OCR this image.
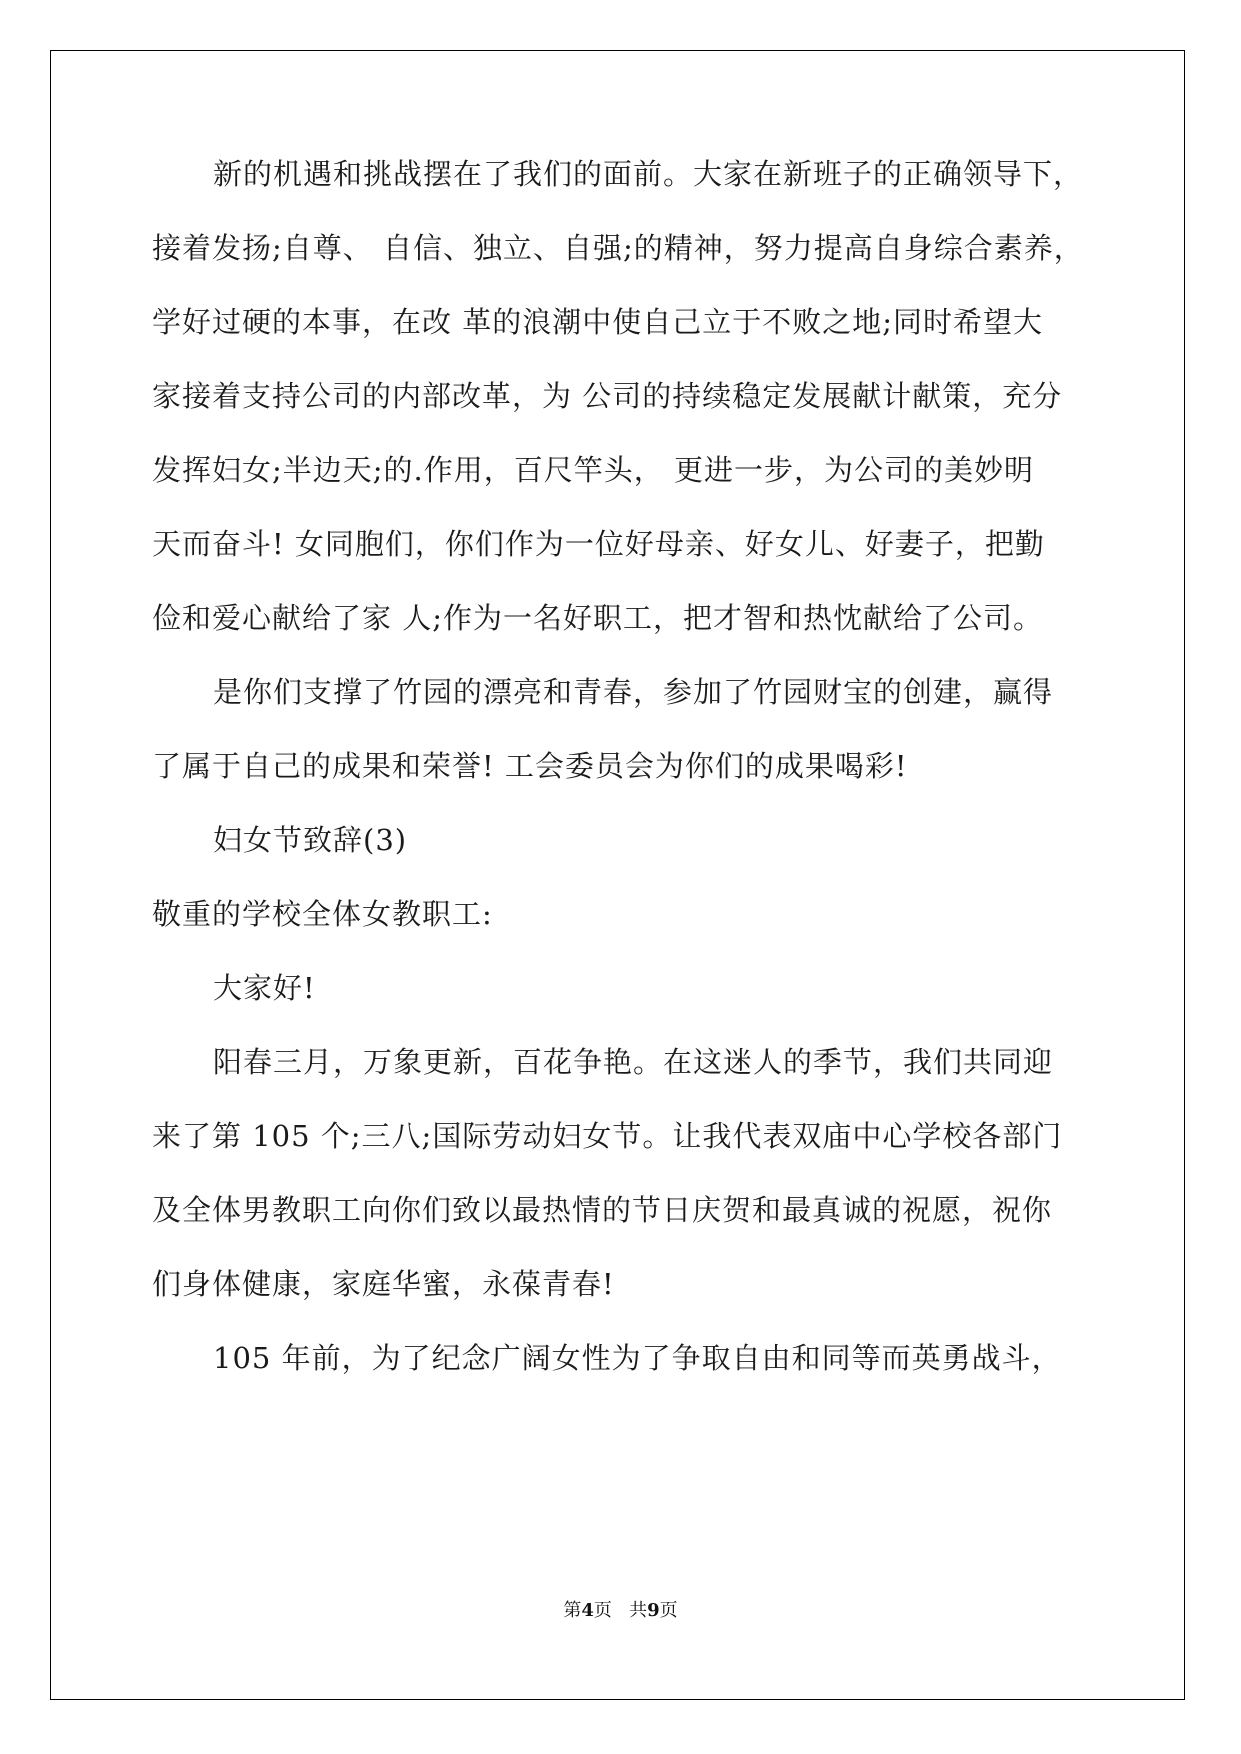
新的机遇和挑战摆在了我们的面前。大家在新班子的正确领导下，
接着发扬;自尊、 自信、独立、自强;的精神，努力提高自身综合素养，
学好过硬的本事，在改 革的浪潮中使自己立于不败之地;同时希望大
家接着支持公司的内部改革，为 公司的持续稳定发展献计献策，充分
发挥妇女;半边天;的.作用，百尺竿头， 更进一步，为公司的美妙明
天而奋斗! 女同胞们，你们作为一位好母亲、好女儿、好妻子，把勤
俭和爱心献给了家 人;作为一名好职工，把才智和热忱献给了公司。
是你们支撑了竹园的漂亮和青春，参加了竹园财宝的创建，赢得
了属于自己的成果和荣誉! 工会委员会为你们的成果喝彩!
妇女节致辞(3)
敬重的学校全体女教职工:
大家好!
阳春三月，万象更新，百花争艳。在这迷人的季节，我们共同迎
来了第 105 个;三八;国际劳动妇女节。让我代表双庙中心学校各部门
及全体男教职工向你们致以最热情的节日庆贺和最真诚的祝愿，祝你
们身体健康，家庭华蜜，永葆青春!
105 年前，为了纪念广阔女性为了争取自由和同等而英勇战斗，
第4页   共9页
